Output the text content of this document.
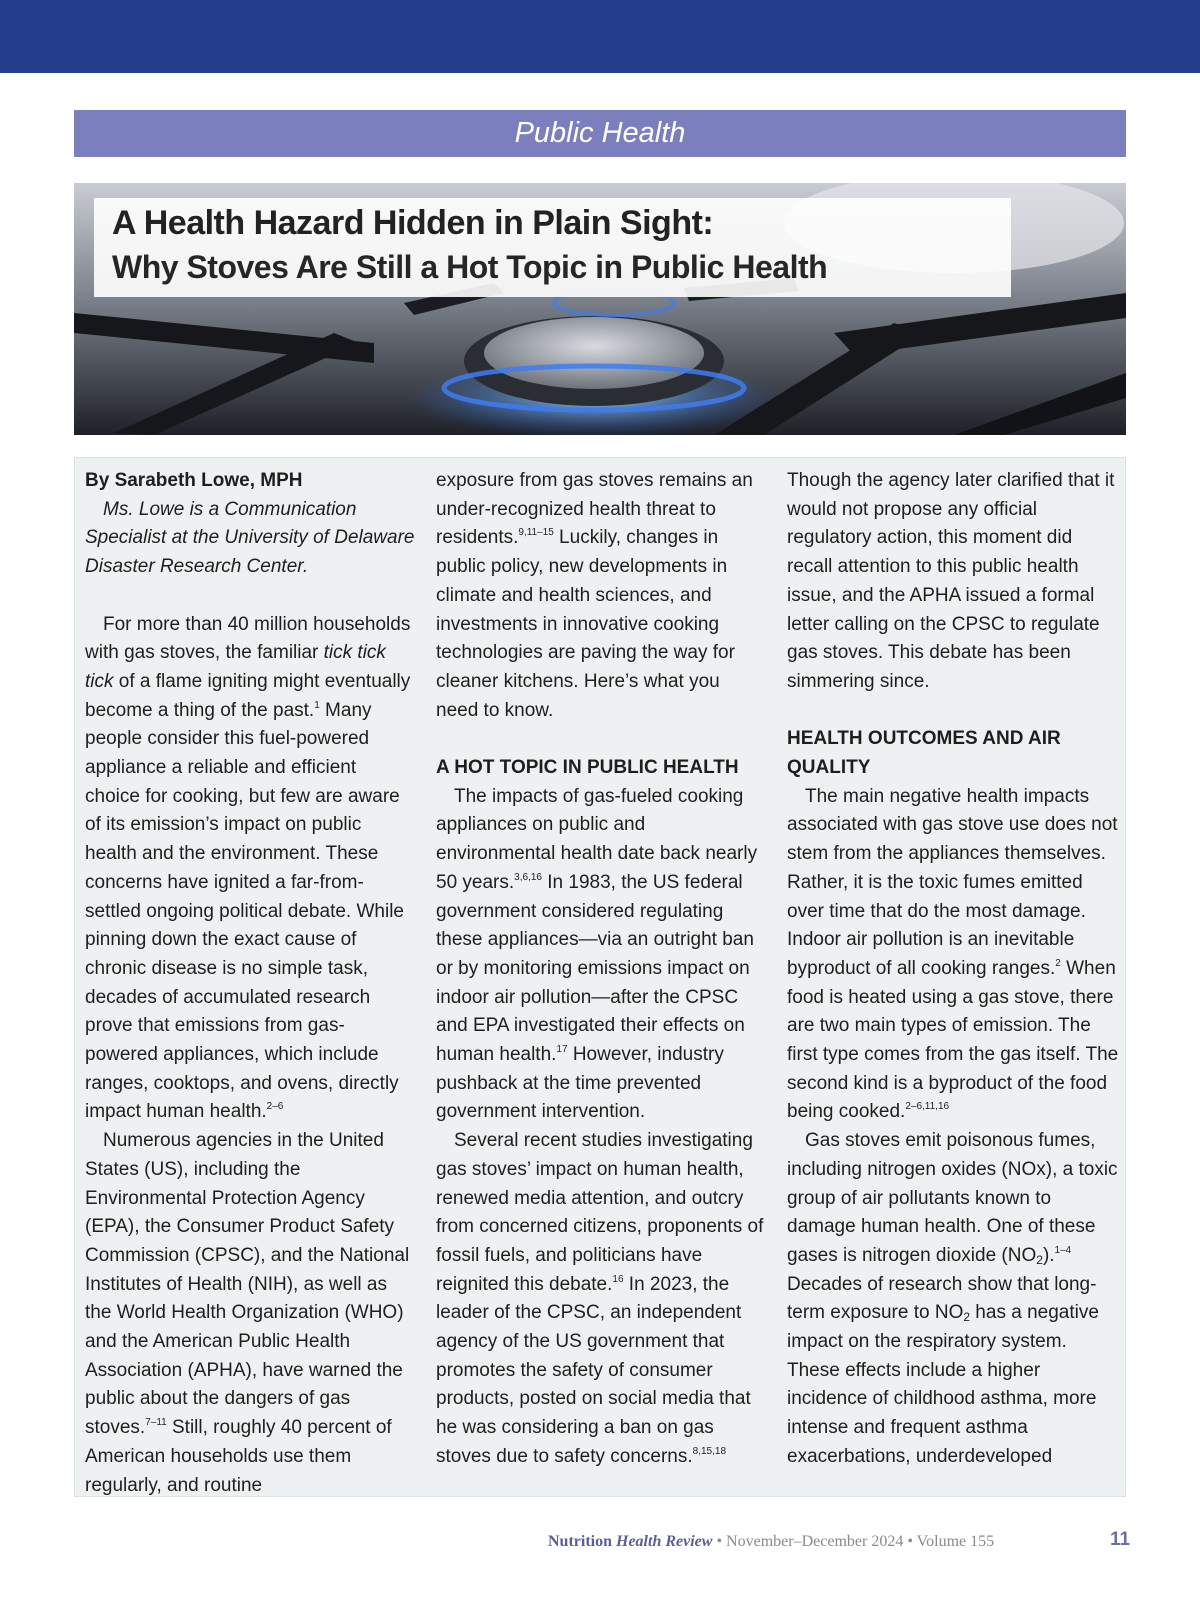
Public Health
A Health Hazard Hidden in Plain Sight:
Why Stoves Are Still a Hot Topic in Public Health

By Sarabeth Lowe, MPH

Ms. Lowe is a Communication Specialist at the University of Delaware Disaster Research Center.

For more than 40 million households with gas stoves, the familiar tick tick tick of a flame igniting might eventually become a thing of the past.$^1$ Many people consider this fuel-powered appliance a reliable and efficient choice for cooking, but few are aware of its emission’s impact on public health and the environment. These concerns have ignited a far-from-settled ongoing political debate. While pinning down the exact cause of chronic disease is no simple task, decades of accumulated research prove that emissions from gas-powered appliances, which include ranges, cooktops, and ovens, directly impact human health.$^{2-6}$

Numerous agencies in the United States (US), including the Environmental Protection Agency (EPA), the Consumer Product Safety Commission (CPSC), and the National Institutes of Health (NIH), as well as the World Health Organization (WHO) and the American Public Health Association (APHA), have warned the public about the dangers of gas stoves.$^{7-11}$ Still, roughly 40 percent of American households use them regularly, and routine

exposure from gas stoves remains an under-recognized health threat to residents.$^{9,11-15}$ Luckily, changes in public policy, new developments in climate and health sciences, and investments in innovative cooking technologies are paving the way for cleaner kitchens. Here’s what you need to know.

A HOT TOPIC IN PUBLIC HEALTH

The impacts of gas-fueled cooking appliances on public and environmental health date back nearly 50 years.$^{3,6,16}$ In 1983, the US federal government considered regulating these appliances—via an outright ban or by monitoring emissions impact on indoor air pollution—after the CPSC and EPA investigated their effects on human health.$^{17}$ However, industry pushback at the time prevented government intervention.

Several recent studies investigating gas stoves’ impact on human health, renewed media attention, and outcry from concerned citizens, proponents of fossil fuels, and politicians have reignited this debate.$^{16}$ In 2023, the leader of the CPSC, an independent agency of the US government that promotes the safety of consumer products, posted on social media that he was considering a ban on gas stoves due to safety concerns.$^{8,15,18}$

Though the agency later clarified that it would not propose any official regulatory action, this moment did recall attention to this public health issue, and the APHA issued a formal letter calling on the CPSC to regulate gas stoves. This debate has been simmering since.

HEALTH OUTCOMES AND AIR QUALITY

The main negative health impacts associated with gas stove use does not stem from the appliances themselves. Rather, it is the toxic fumes emitted over time that do the most damage. Indoor air pollution is an inevitable byproduct of all cooking ranges.$^2$ When food is heated using a gas stove, there are two main types of emission. The first type comes from the gas itself. The second kind is a byproduct of the food being cooked.$^{2-6,11,16}$

Gas stoves emit poisonous fumes, including nitrogen oxides (NOx), a toxic group of air pollutants known to damage human health. One of these gases is nitrogen dioxide $(NO_2).^{1-4}$ Decades of research show that long-term exposure to $NO_2$ has a negative impact on the respiratory system. These effects include a higher incidence of childhood asthma, more intense and frequent asthma exacerbations, underdeveloped

Nutrition Health Review • November–December 2024 • Volume 155	11
